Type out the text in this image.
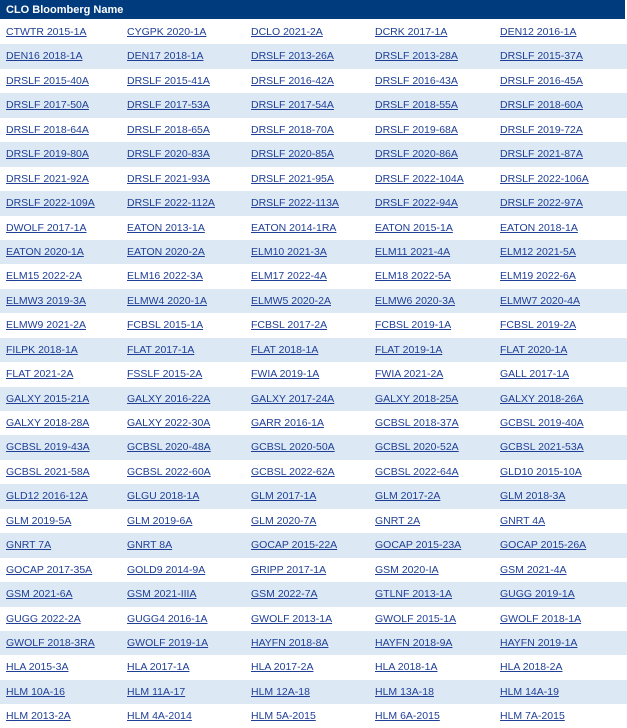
CLO Bloomberg Name
CTWTR 2015-1A	CYGPK 2020-1A	DCLO 2021-2A	DCRK 2017-1A	DEN12 2016-1A
DEN16 2018-1A	DEN17 2018-1A	DRSLF 2013-26A	DRSLF 2013-28A	DRSLF 2015-37A
DRSLF 2015-40A	DRSLF 2015-41A	DRSLF 2016-42A	DRSLF 2016-43A	DRSLF 2016-45A
DRSLF 2017-50A	DRSLF 2017-53A	DRSLF 2017-54A	DRSLF 2018-55A	DRSLF 2018-60A
DRSLF 2018-64A	DRSLF 2018-65A	DRSLF 2018-70A	DRSLF 2019-68A	DRSLF 2019-72A
DRSLF 2019-80A	DRSLF 2020-83A	DRSLF 2020-85A	DRSLF 2020-86A	DRSLF 2021-87A
DRSLF 2021-92A	DRSLF 2021-93A	DRSLF 2021-95A	DRSLF 2022-104A	DRSLF 2022-106A
DRSLF 2022-109A	DRSLF 2022-112A	DRSLF 2022-113A	DRSLF 2022-94A	DRSLF 2022-97A
DWOLF 2017-1A	EATON 2013-1A	EATON 2014-1RA	EATON 2015-1A	EATON 2018-1A
EATON 2020-1A	EATON 2020-2A	ELM10 2021-3A	ELM11 2021-4A	ELM12 2021-5A
ELM15 2022-2A	ELM16 2022-3A	ELM17 2022-4A	ELM18 2022-5A	ELM19 2022-6A
ELMW3 2019-3A	ELMW4 2020-1A	ELMW5 2020-2A	ELMW6 2020-3A	ELMW7 2020-4A
ELMW9 2021-2A	FCBSL 2015-1A	FCBSL 2017-2A	FCBSL 2019-1A	FCBSL 2019-2A
FILPK 2018-1A	FLAT 2017-1A	FLAT 2018-1A	FLAT 2019-1A	FLAT 2020-1A
FLAT 2021-2A	FSSLF 2015-2A	FWIA 2019-1A	FWIA 2021-2A	GALL 2017-1A
GALXY 2015-21A	GALXY 2016-22A	GALXY 2017-24A	GALXY 2018-25A	GALXY 2018-26A
GALXY 2018-28A	GALXY 2022-30A	GARR 2016-1A	GCBSL 2018-37A	GCBSL 2019-40A
GCBSL 2019-43A	GCBSL 2020-48A	GCBSL 2020-50A	GCBSL 2020-52A	GCBSL 2021-53A
GCBSL 2021-58A	GCBSL 2022-60A	GCBSL 2022-62A	GCBSL 2022-64A	GLD10 2015-10A
GLD12 2016-12A	GLGU 2018-1A	GLM 2017-1A	GLM 2017-2A	GLM 2018-3A
GLM 2019-5A	GLM 2019-6A	GLM 2020-7A	GNRT 2A	GNRT 4A
GNRT 7A	GNRT 8A	GOCAP 2015-22A	GOCAP 2015-23A	GOCAP 2015-26A
GOCAP 2017-35A	GOLD9 2014-9A	GRIPP 2017-1A	GSM 2020-IA	GSM 2021-4A
GSM 2021-6A	GSM 2021-IIIA	GSM 2022-7A	GTLNF 2013-1A	GUGG 2019-1A
GUGG 2022-2A	GUGG4 2016-1A	GWOLF 2013-1A	GWOLF 2015-1A	GWOLF 2018-1A
GWOLF 2018-3RA	GWOLF 2019-1A	HAYFN 2018-8A	HAYFN 2018-9A	HAYFN 2019-1A
HLA 2015-3A	HLA 2017-1A	HLA 2017-2A	HLA 2018-1A	HLA 2018-2A
HLM 10A-16	HLM 11A-17	HLM 12A-18	HLM 13A-18	HLM 14A-19
HLM 2013-2A	HLM 4A-2014	HLM 5A-2015	HLM 6A-2015	HLM 7A-2015
